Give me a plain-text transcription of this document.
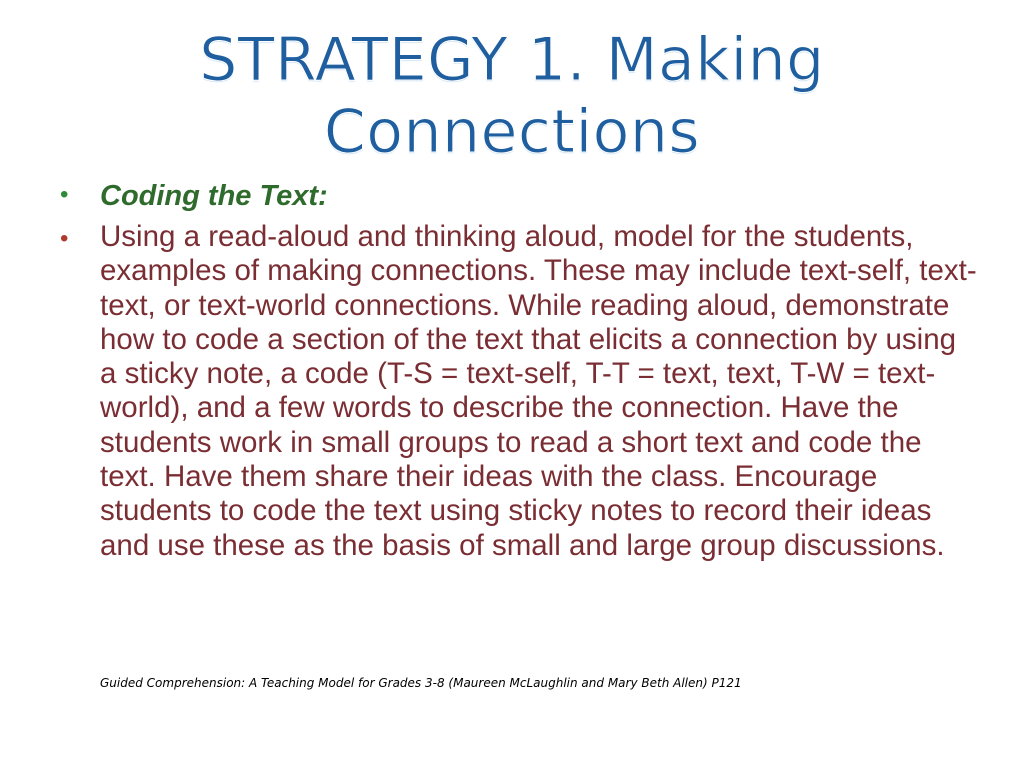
STRATEGY 1. Making
Connections
• Coding the Text:
• Using a read-aloud and thinking aloud, model for the students, examples of making connections. These may include text-self, text-text, or text-world connections. While reading aloud, demonstrate how to code a section of the text that elicits a connection by using a sticky note, a code (T-S = text-self, T-T = text, text, T-W = text-world), and a few words to describe the connection. Have the students work in small groups to read a short text and code the text. Have them share their ideas with the class. Encourage students to code the text using sticky notes to record their ideas and use these as the basis of small and large group discussions.

Guided Comprehension: A Teaching Model for Grades 3-8 (Maureen McLaughlin and Mary Beth Allen) P121
